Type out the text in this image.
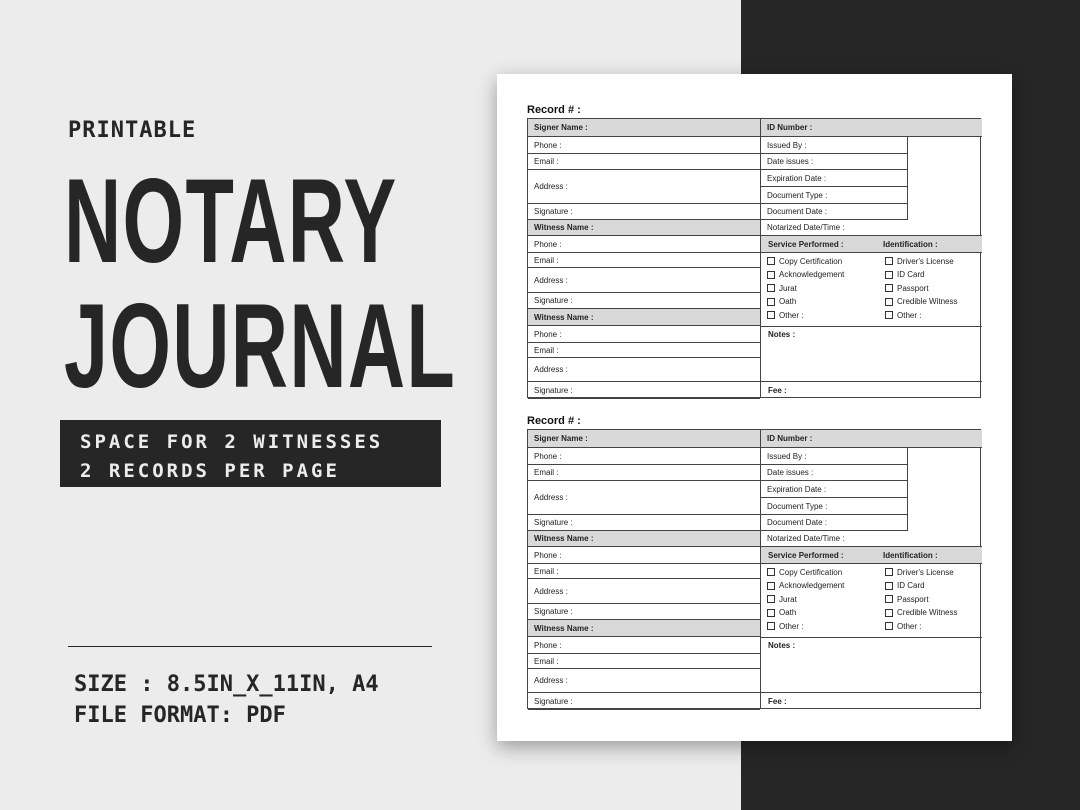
PRINTABLE
NOTARY
JOURNAL
SPACE FOR 2 WITNESSES
2 RECORDS PER PAGE
SIZE : 8.5IN_X_11IN, A4
FILE FORMAT: PDF
Record # :
Signer Name :
Phone :
Email :
Address :
Signature :
Witness Name :
Phone :
Email :
Address :
Signature :
Witness Name :
Phone :
Email :
Address :
Signature :
ID Number :
Issued By :
Date issues :
Expiration Date :
Document Type :
Document Date :
Notarized Date/Time :
Service Performed :	Identification :
Copy Certification
Acknowledgement
Jurat
Oath
Other :
Driver's License
ID Card
Passport
Credible Witness
Other :
Notes :
Fee :
Record # :
Signer Name :
Phone :
Email :
Address :
Signature :
Witness Name :
Phone :
Email :
Address :
Signature :
Witness Name :
Phone :
Email :
Address :
Signature :
ID Number :
Issued By :
Date issues :
Expiration Date :
Document Type :
Document Date :
Notarized Date/Time :
Service Performed :	Identification :
Copy Certification
Acknowledgement
Jurat
Oath
Other :
Driver's License
ID Card
Passport
Credible Witness
Other :
Notes :
Fee :
